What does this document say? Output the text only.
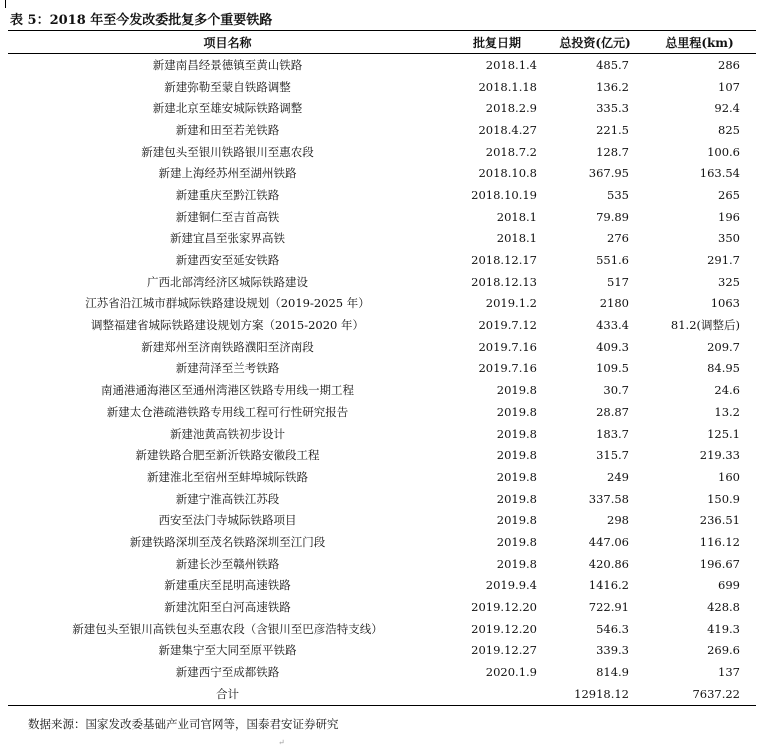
表 5：2018 年至今发改委批复多个重要铁路
项目名称	批复日期	总投资(亿元)	总里程(km)
新建南昌经景德镇至黄山铁路	2018.1.4	485.7	286
新建弥勒至蒙自铁路调整	2018.1.18	136.2	107
新建北京至雄安城际铁路调整	2018.2.9	335.3	92.4
新建和田至若羌铁路	2018.4.27	221.5	825
新建包头至银川铁路银川至惠农段	2018.7.2	128.7	100.6
新建上海经苏州至湖州铁路	2018.10.8	367.95	163.54
新建重庆至黔江铁路	2018.10.19	535	265
新建铜仁至吉首高铁	2018.1	79.89	196
新建宜昌至张家界高铁	2018.1	276	350
新建西安至延安铁路	2018.12.17	551.6	291.7
广西北部湾经济区城际铁路建设	2018.12.13	517	325
江苏省沿江城市群城际铁路建设规划（2019-2025 年）	2019.1.2	2180	1063
调整福建省城际铁路建设规划方案（2015-2020 年）	2019.7.12	433.4	81.2(调整后)
新建郑州至济南铁路濮阳至济南段	2019.7.16	409.3	209.7
新建菏泽至兰考铁路	2019.7.16	109.5	84.95
南通港通海港区至通州湾港区铁路专用线一期工程	2019.8	30.7	24.6
新建太仓港疏港铁路专用线工程可行性研究报告	2019.8	28.87	13.2
新建池黄高铁初步设计	2019.8	183.7	125.1
新建铁路合肥至新沂铁路安徽段工程	2019.8	315.7	219.33
新建淮北至宿州至蚌埠城际铁路	2019.8	249	160
新建宁淮高铁江苏段	2019.8	337.58	150.9
西安至法门寺城际铁路项目	2019.8	298	236.51
新建铁路深圳至茂名铁路深圳至江门段	2019.8	447.06	116.12
新建长沙至赣州铁路	2019.8	420.86	196.67
新建重庆至昆明高速铁路	2019.9.4	1416.2	699
新建沈阳至白河高速铁路	2019.12.20	722.91	428.8
新建包头至银川高铁包头至惠农段（含银川至巴彦浩特支线）	2019.12.20	546.3	419.3
新建集宁至大同至原平铁路	2019.12.27	339.3	269.6
新建西宁至成都铁路	2020.1.9	814.9	137
合计		12918.12	7637.22
数据来源：国家发改委基础产业司官网等，国泰君安证券研究
↵
